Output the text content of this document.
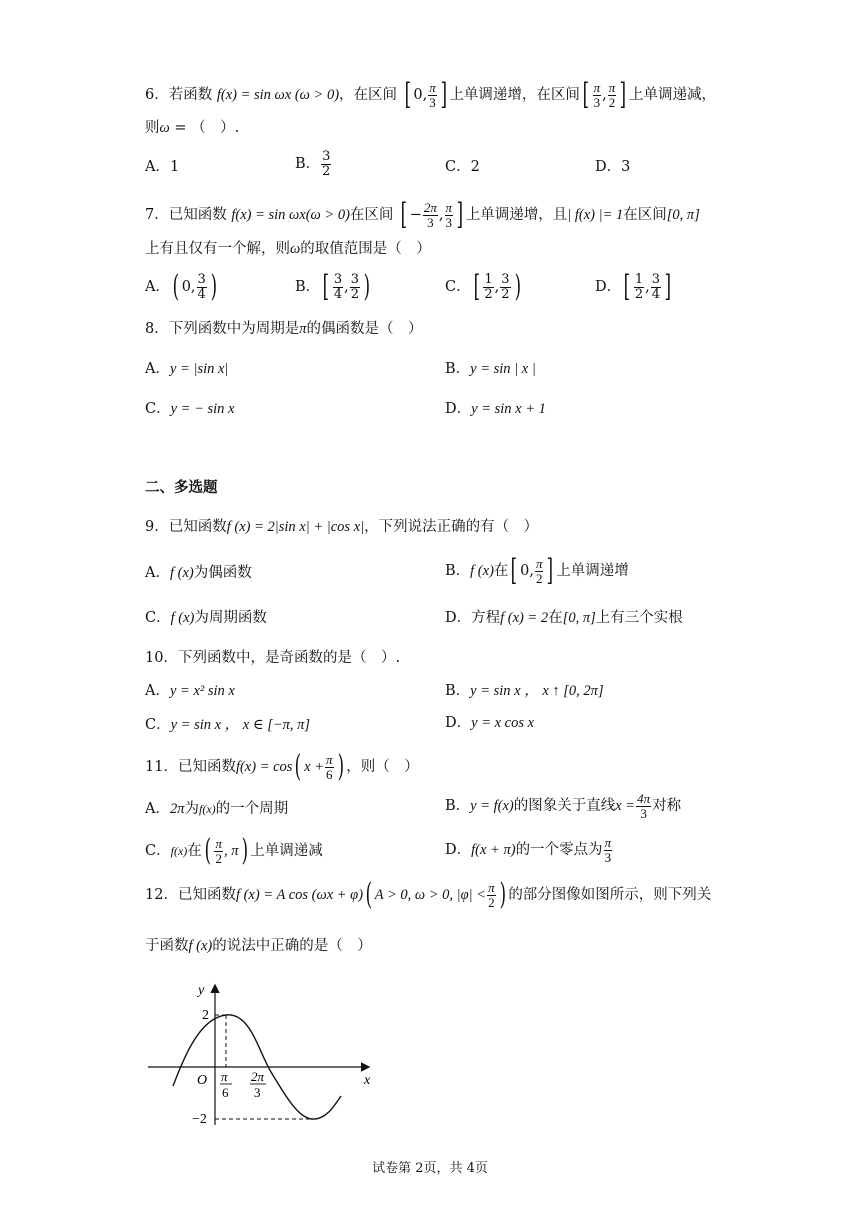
6．若函数 f(x) = sin ωx (ω > 0)，在区间 [ 0, $\frac{\pi}{3}$ ] 上单调递增，在区间[ $\frac{\pi}{3}$ , $\frac{\pi}{2}$ ] 上单调递减，
则ω = （　）.
A．1	B． $\frac{3}{2}$	C．2	D．3
7．已知函数 f(x) = sin ωx(ω > 0)在区间 [ − $\frac{2\pi}{3}$ , $\frac{\pi}{3}$ ] 上单调递增，且| f(x) |= 1在区间[0, π]
上有且仅有一个解，则ω的取值范围是（　）
A．( 0, $\frac{3}{4}$ )	B．[ $\frac{3}{4}$ , $\frac{3}{2}$ )	C．[ $\frac{1}{2}$ , $\frac{3}{2}$ )	D．[ $\frac{1}{2}$ , $\frac{3}{4}$ ]
8．下列函数中为周期是π的偶函数是（　）
A．y = |sin x|	B．y = sin | x |
C．y = − sin x	D．y = sin x + 1
二、多选题
9．已知函数f (x) = 2|sin x| + |cos x|，下列说法正确的有（　）
A．f (x)为偶函数	B．f (x)在[ 0, $\frac{\pi}{2}$ ] 上单调递增
C．f (x)为周期函数	D．方程f (x) = 2在[0, π]上有三个实根
10．下列函数中，是奇函数的是（　）.
A．y = x² sin x	B．y = sin x ， x ↑ [0, 2π]
C．y = sin x ， x ∈ [−π, π]	D．y = x cos x
11．已知函数f(x) = cos( $x + \frac{\pi}{6}$ ) ，则（　）
A．2π为f(x)的一个周期	B．y = f(x)的图象关于直线$x = \frac{4\pi}{3}$ 对称
C．f(x)在( $\frac{\pi}{2}$ , π) 上单调递减	D．f(x + π)的一个零点为 $\frac{\pi}{3}$
12．已知函数f (x) = A cos (ωx + φ)( A > 0, ω > 0, $|\varphi| < \frac{\pi}{2}$ ) 的部分图像如图所示，则下列关
于函数f (x)的说法中正确的是（　）
y
x
O
2
−2
π
6
2π
3
试卷第 2页，共 4页
